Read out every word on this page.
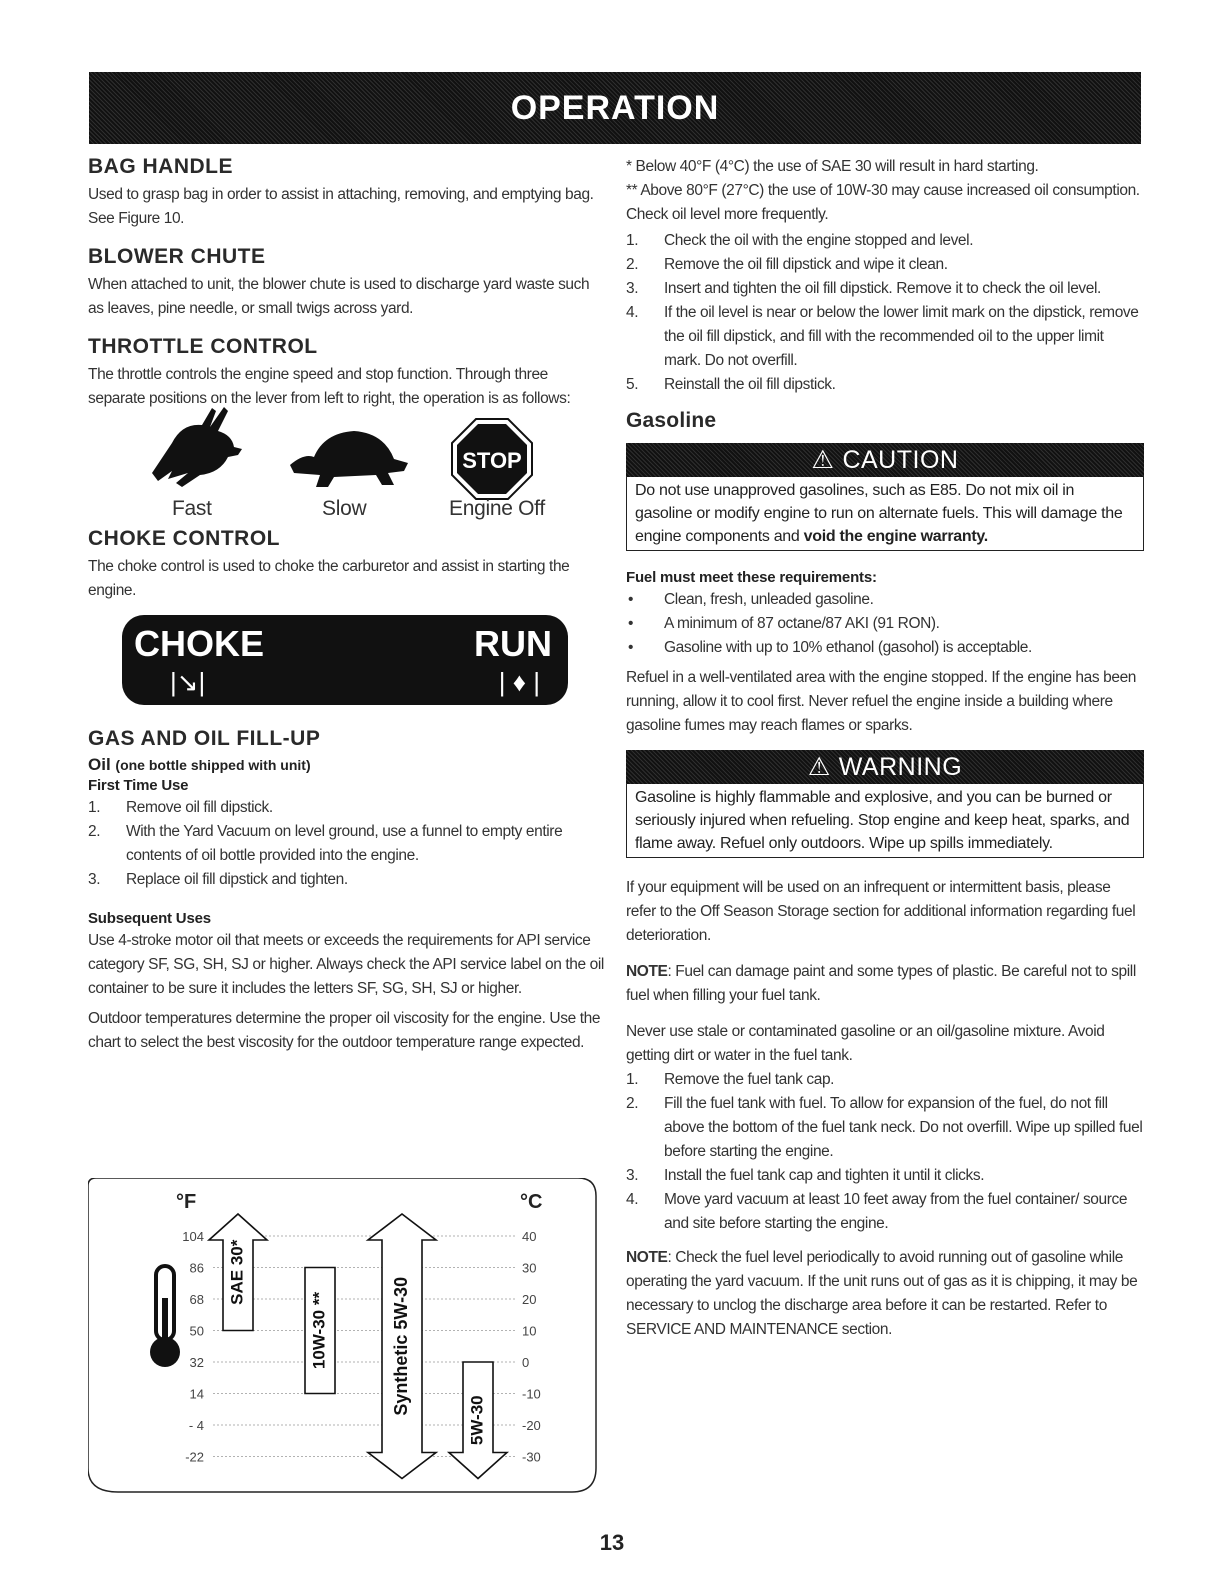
OPERATION
BAG HANDLE

Used to grasp bag in order to assist in attaching, removing, and emptying bag. See Figure 10.

BLOWER CHUTE

When attached to unit, the blower chute is used to discharge yard waste such as leaves, pine needle, or small twigs across yard.

THROTTLE CONTROL

The throttle controls the engine speed and stop function. Through three separate positions on the lever from left to right, the operation is as follows:

STOP
Fast	Slow	Engine Off
CHOKE CONTROL

The choke control is used to choke the carburetor and assist in starting the engine.

CHOKE	RUN
|↘|	| ♦ |
GAS AND OIL FILL-UP
Oil (one bottle shipped with unit)
First Time Use
1. Remove oil fill dipstick.
2. With the Yard Vacuum on level ground, use a funnel to empty entire contents of oil bottle provided into the engine.
3. Replace oil fill dipstick and tighten.
Subsequent Uses

Use 4-stroke motor oil that meets or exceeds the requirements for API service category SF, SG, SH, SJ or higher. Always check the API service label on the oil container to be sure it includes the letters SF, SG, SH, SJ or higher.

Outdoor temperatures determine the proper oil viscosity for the engine. Use the chart to select the best viscosity for the outdoor temperature range expected.

°F	°C
104	40
86	30
68	20
50	10
32	0
14	-10
- 4	-20
-22	-30
SAE 30*
10W-30 **	Synthetic 5W-30
5W-30

* Below 40°F (4°C) the use of SAE 30 will result in hard starting.

** Above 80°F (27°C) the use of 10W-30 may cause increased oil consumption. Check oil level more frequently.

1. Check the oil with the engine stopped and level.
2. Remove the oil fill dipstick and wipe it clean.
3. Insert and tighten the oil fill dipstick. Remove it to check the oil level.
4. If the oil level is near or below the lower limit mark on the dipstick, remove the oil fill dipstick, and fill with the recommended oil to the upper limit mark. Do not overfill.
5. Reinstall the oil fill dipstick.
Gasoline
⚠ CAUTION
Do not use unapproved gasolines, such as E85. Do not mix oil in gasoline or modify engine to run on alternate fuels. This will damage the engine components and void the engine warranty.
Fuel must meet these requirements:
• Clean, fresh, unleaded gasoline.
• A minimum of 87 octane/87 AKI (91 RON).
• Gasoline with up to 10% ethanol (gasohol) is acceptable.

Refuel in a well-ventilated area with the engine stopped. If the engine has been running, allow it to cool first. Never refuel the engine inside a building where gasoline fumes may reach flames or sparks.

⚠ WARNING
Gasoline is highly flammable and explosive, and you can be burned or seriously injured when refueling. Stop engine and keep heat, sparks, and flame away. Refuel only outdoors. Wipe up spills immediately.

If your equipment will be used on an infrequent or intermittent basis, please refer to the Off Season Storage section for additional information regarding fuel deterioration.

NOTE: Fuel can damage paint and some types of plastic. Be careful not to spill fuel when filling your fuel tank.

Never use stale or contaminated gasoline or an oil/gasoline mixture. Avoid getting dirt or water in the fuel tank.

1. Remove the fuel tank cap.
2. Fill the fuel tank with fuel. To allow for expansion of the fuel, do not fill above the bottom of the fuel tank neck. Do not overfill. Wipe up spilled fuel before starting the engine.
3. Install the fuel tank cap and tighten it until it clicks.
4. Move yard vacuum at least 10 feet away from the fuel container/ source and site before starting the engine.

NOTE: Check the fuel level periodically to avoid running out of gasoline while operating the yard vacuum. If the unit runs out of gas as it is chipping, it may be necessary to unclog the discharge area before it can be restarted. Refer to SERVICE AND MAINTENANCE section.

13
